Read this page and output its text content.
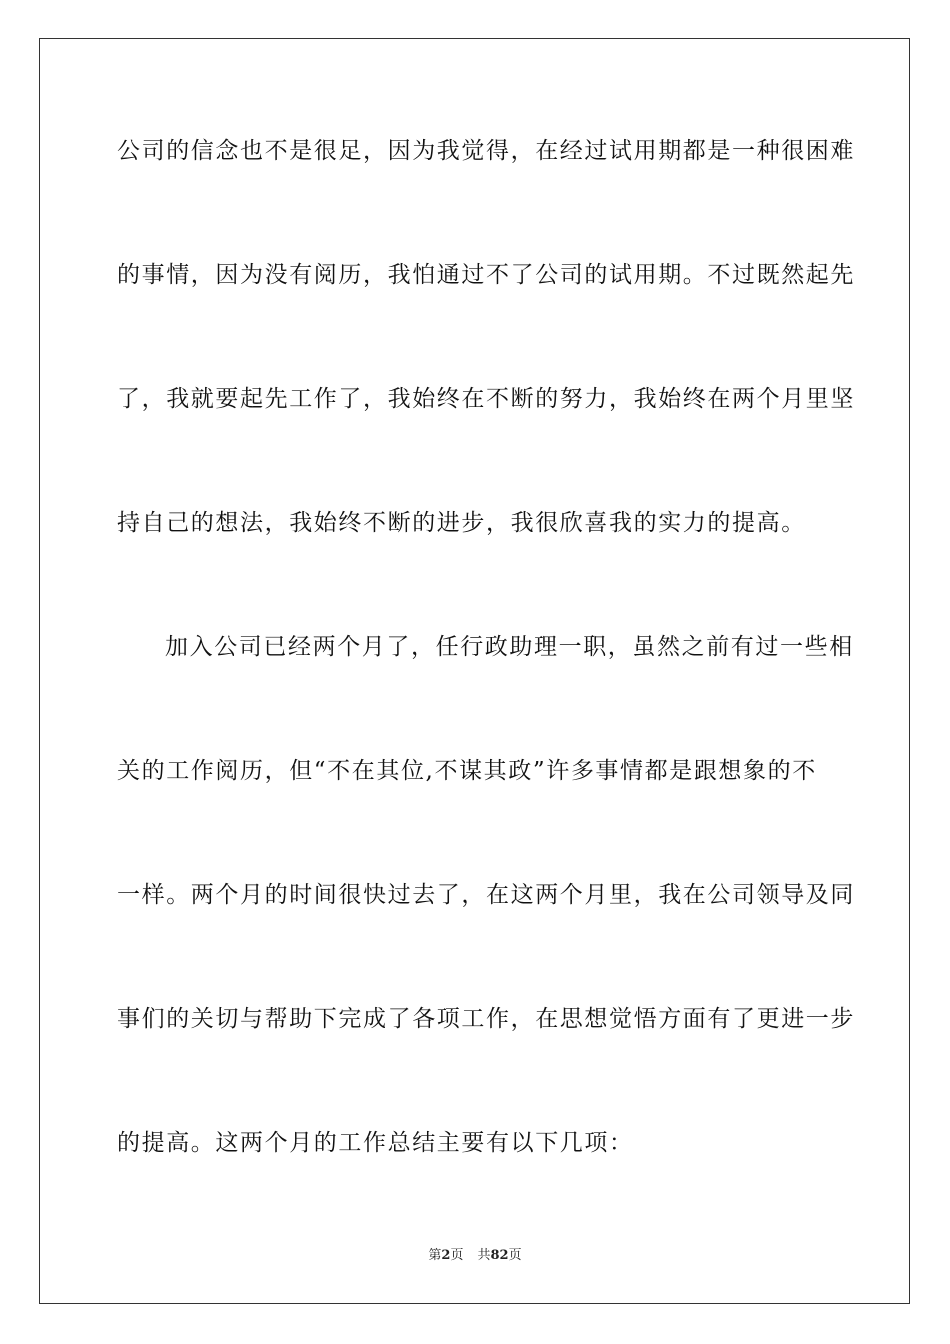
公司的信念也不是很足，因为我觉得，在经过试用期都是一种很困难
的事情，因为没有阅历，我怕通过不了公司的试用期。不过既然起先
了，我就要起先工作了，我始终在不断的努力，我始终在两个月里坚
持自己的想法，我始终不断的进步，我很欣喜我的实力的提高。
加入公司已经两个月了，任行政助理一职，虽然之前有过一些相
关的工作阅历，但“不在其位,不谋其政”许多事情都是跟想象的不
一样。两个月的时间很快过去了，在这两个月里，我在公司领导及同
事们的关切与帮助下完成了各项工作，在思想觉悟方面有了更进一步
的提高。这两个月的工作总结主要有以下几项：
第2页 共82页
